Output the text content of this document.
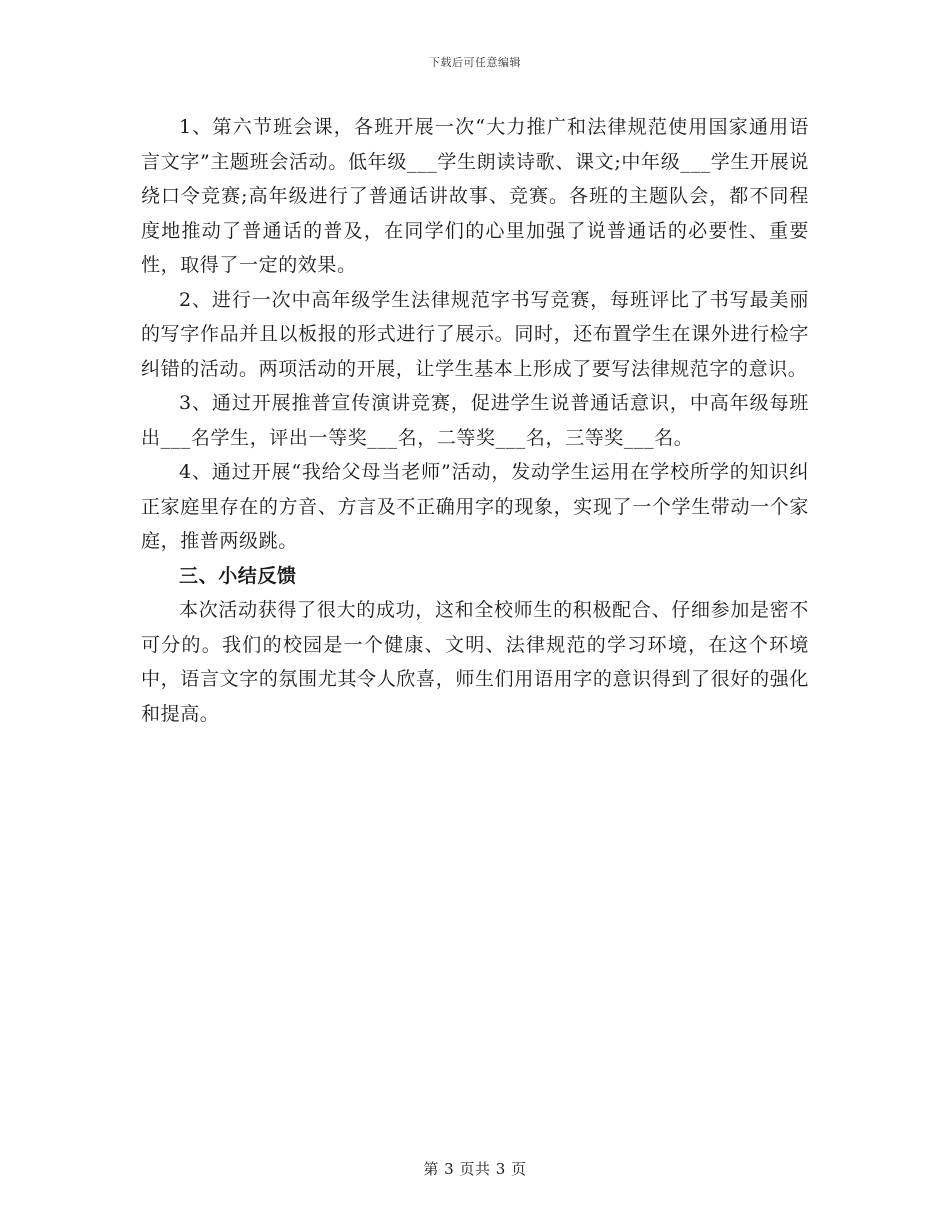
下载后可任意编辑

1、第六节班会课，各班开展一次“大力推广和法律规范使用国家通用语言文字”主题班会活动。低年级___学生朗读诗歌、课文;中年级___学生开展说绕口令竞赛;高年级进行了普通话讲故事、竞赛。各班的主题队会，都不同程度地推动了普通话的普及，在同学们的心里加强了说普通话的必要性、重要性，取得了一定的效果。

2、进行一次中高年级学生法律规范字书写竞赛，每班评比了书写最美丽的写字作品并且以板报的形式进行了展示。同时，还布置学生在课外进行检字纠错的活动。两项活动的开展，让学生基本上形成了要写法律规范字的意识。

3、通过开展推普宣传演讲竞赛，促进学生说普通话意识，中高年级每班出___名学生，评出一等奖___名，二等奖___名，三等奖___名。

4、通过开展“我给父母当老师”活动，发动学生运用在学校所学的知识纠正家庭里存在的方音、方言及不正确用字的现象，实现了一个学生带动一个家庭，推普两级跳。

三、小结反馈

本次活动获得了很大的成功，这和全校师生的积极配合、仔细参加是密不可分的。我们的校园是一个健康、文明、法律规范的学习环境，在这个环境中，语言文字的氛围尤其令人欣喜，师生们用语用字的意识得到了很好的强化和提高。

第 3 页共 3 页
